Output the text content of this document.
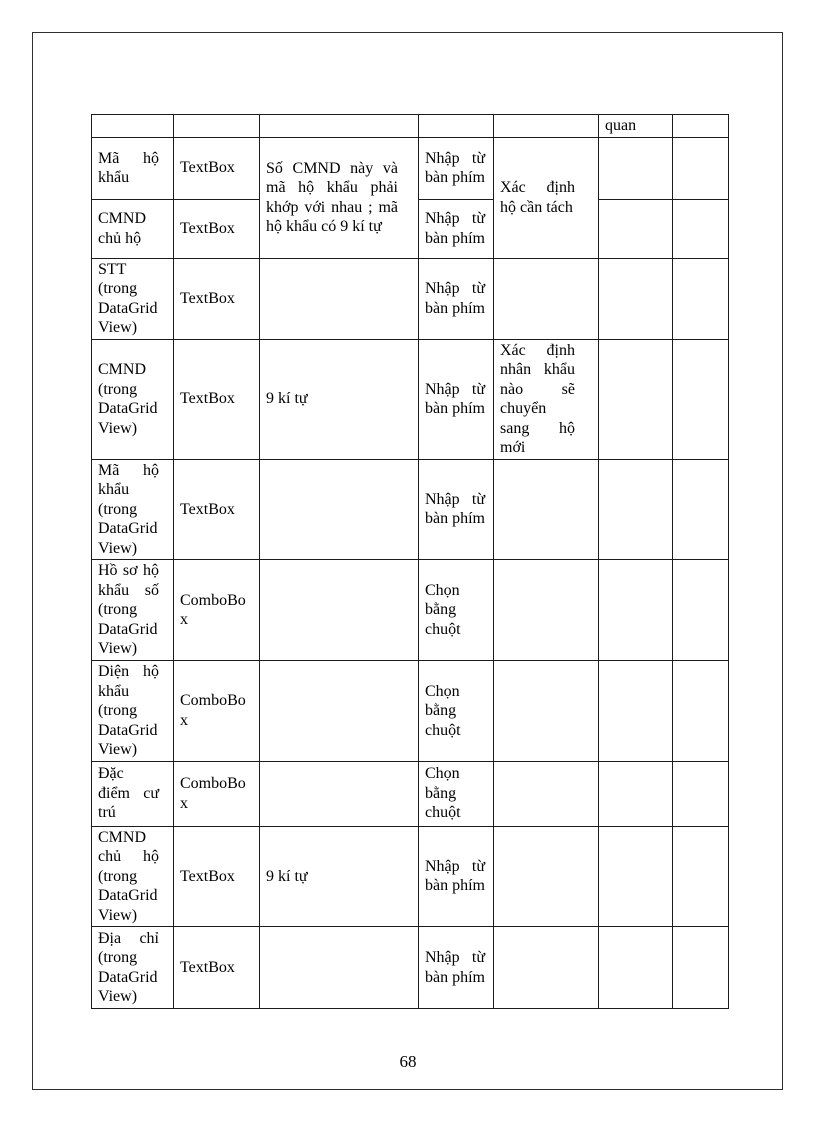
					quan	

Mã hộ khẩu	TextBox	Số CMND này và mã hộ khẩu phải khớp với nhau ; mã hộ khẩu có 9 kí tự	Nhập từ bàn phím	Xác định hộ cần tách		

CMND chủ hộ	TextBox		Nhập từ bàn phím			

STT (trong DataGrid View)	TextBox		Nhập từ bàn phím			

CMND (trong DataGrid View)	TextBox	9 kí tự	Nhập từ bàn phím	Xác định nhân khẩu nào sẽ chuyển sang hộ mới		

Mã hộ khẩu (trong DataGrid View)	TextBox		Nhập từ bàn phím			

Hồ sơ hộ khẩu số (trong DataGrid View)	ComboBox		Chọn bằng chuột			

Diện hộ khẩu (trong DataGrid View)	ComboBox		Chọn bằng chuột			

Đặc điểm cư trú	ComboBox		Chọn bằng chuột			

CMND chủ hộ (trong DataGrid View)	TextBox	9 kí tự	Nhập từ bàn phím			

Địa chỉ (trong DataGrid View)	TextBox		Nhập từ bàn phím			

68
